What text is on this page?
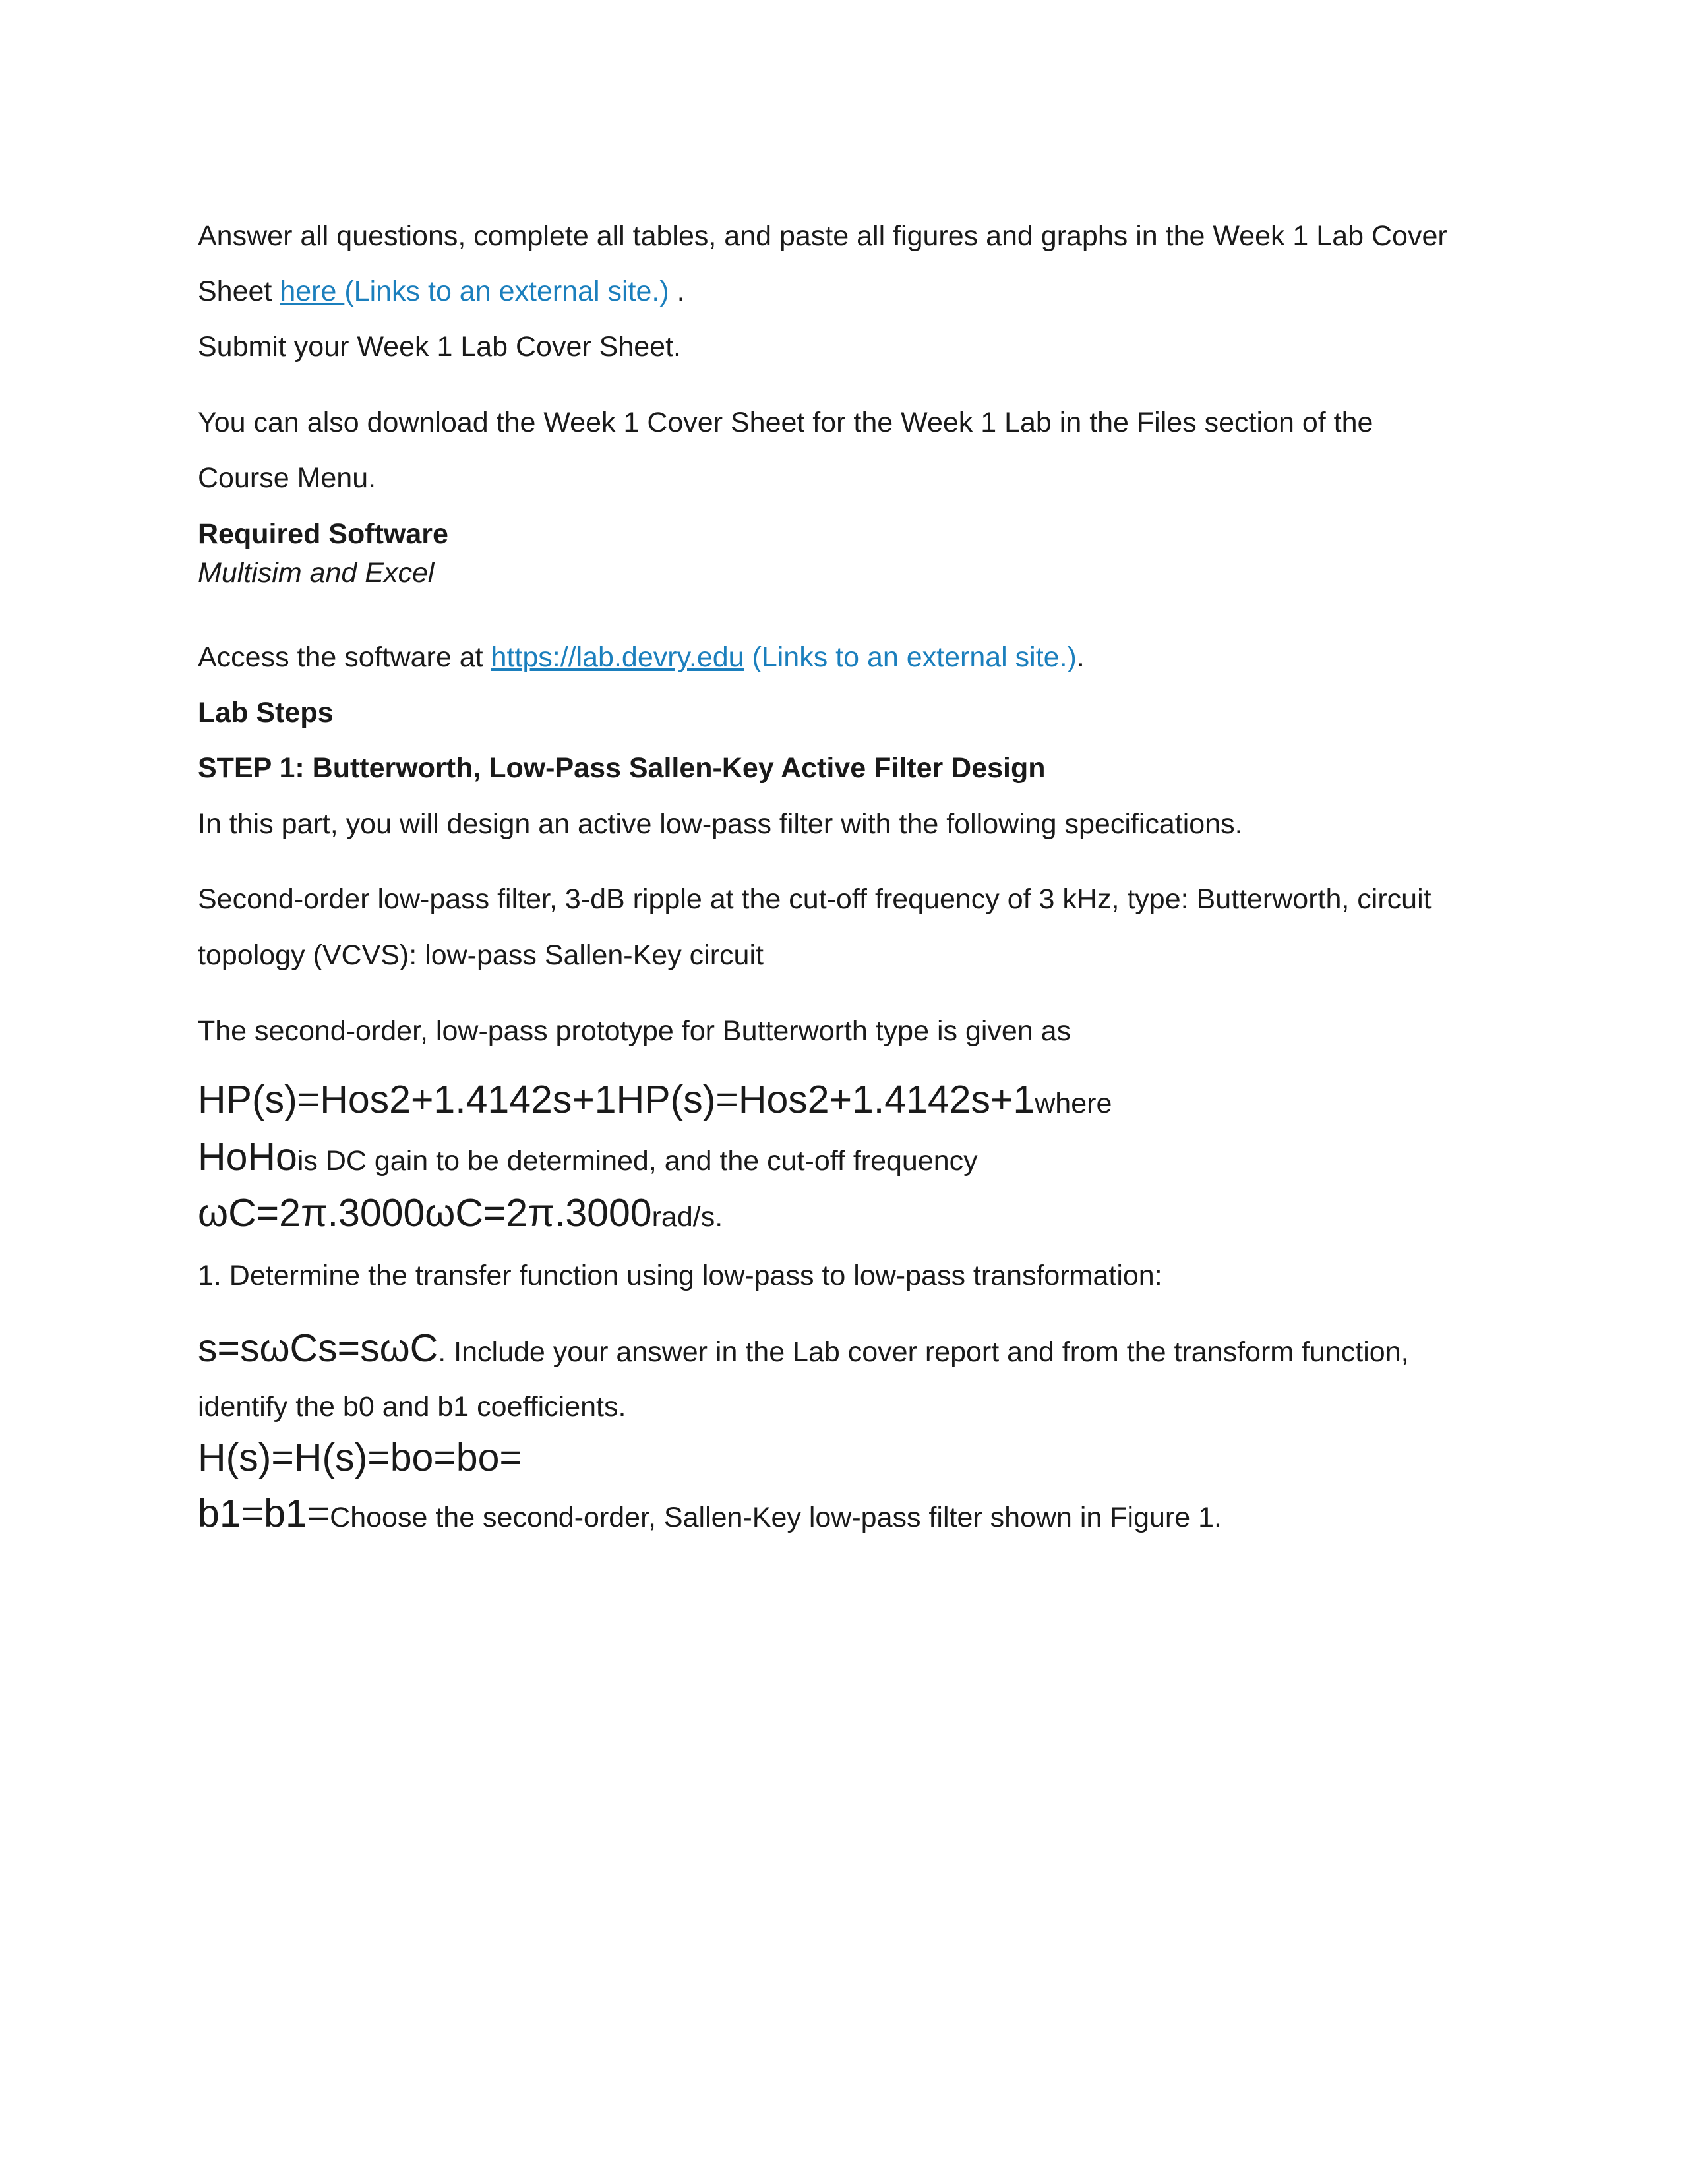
Answer all questions, complete all tables, and paste all figures and graphs in the Week 1 Lab Cover

Sheet here (Links to an external site.) .

Submit your Week 1 Lab Cover Sheet.

You can also download the Week 1 Cover Sheet for the Week 1 Lab in the Files section of the

Course Menu.

Required Software

Multisim and Excel

Access the software at https://lab.devry.edu (Links to an external site.).

Lab Steps

STEP 1: Butterworth, Low-Pass Sallen-Key Active Filter Design

In this part, you will design an active low-pass filter with the following specifications.

Second-order low-pass filter, 3-dB ripple at the cut-off frequency of 3 kHz, type: Butterworth, circuit

topology (VCVS): low-pass Sallen-Key circuit

The second-order, low-pass prototype for Butterworth type is given as

HP(s)=Hos2+1.4142s+1HP(s)=Hos2+1.4142s+1where

HoHois DC gain to be determined, and the cut-off frequency

ωC=2π.3000ωC=2π.3000rad/s.

1. Determine the transfer function using low-pass to low-pass transformation:

s=sωCs=sωC. Include your answer in the Lab cover report and from the transform function,

identify the b0 and b1 coefficients.

H(s)=H(s)=bo=bo=

b1=b1=Choose the second-order, Sallen-Key low-pass filter shown in Figure 1.
